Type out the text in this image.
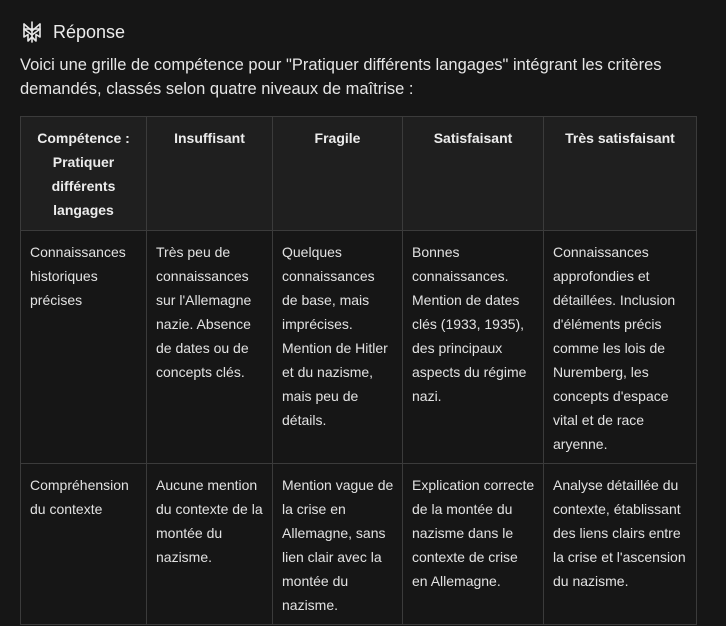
Réponse
Voici une grille de compétence pour "Pratiquer différents langages" intégrant les critères demandés, classés selon quatre niveaux de maîtrise :
Compétence : Pratiquer différents langages	Insuffisant	Fragile	Satisfaisant	Très satisfaisant
Connaissances historiques précises	Très peu de connaissances sur l'Allemagne nazie. Absence de dates ou de concepts clés.	Quelques connaissances de base, mais imprécises. Mention de Hitler et du nazisme, mais peu de détails.	Bonnes connaissances. Mention de dates clés (1933, 1935), des principaux aspects du régime nazi.	Connaissances approfondies et détaillées. Inclusion d'éléments précis comme les lois de Nuremberg, les concepts d'espace vital et de race aryenne.
Compréhension du contexte	Aucune mention du contexte de la montée du nazisme.	Mention vague de la crise en Allemagne, sans lien clair avec la montée du nazisme.	Explication correcte de la montée du nazisme dans le contexte de crise en Allemagne.	Analyse détaillée du contexte, établissant des liens clairs entre la crise et l'ascension du nazisme.
